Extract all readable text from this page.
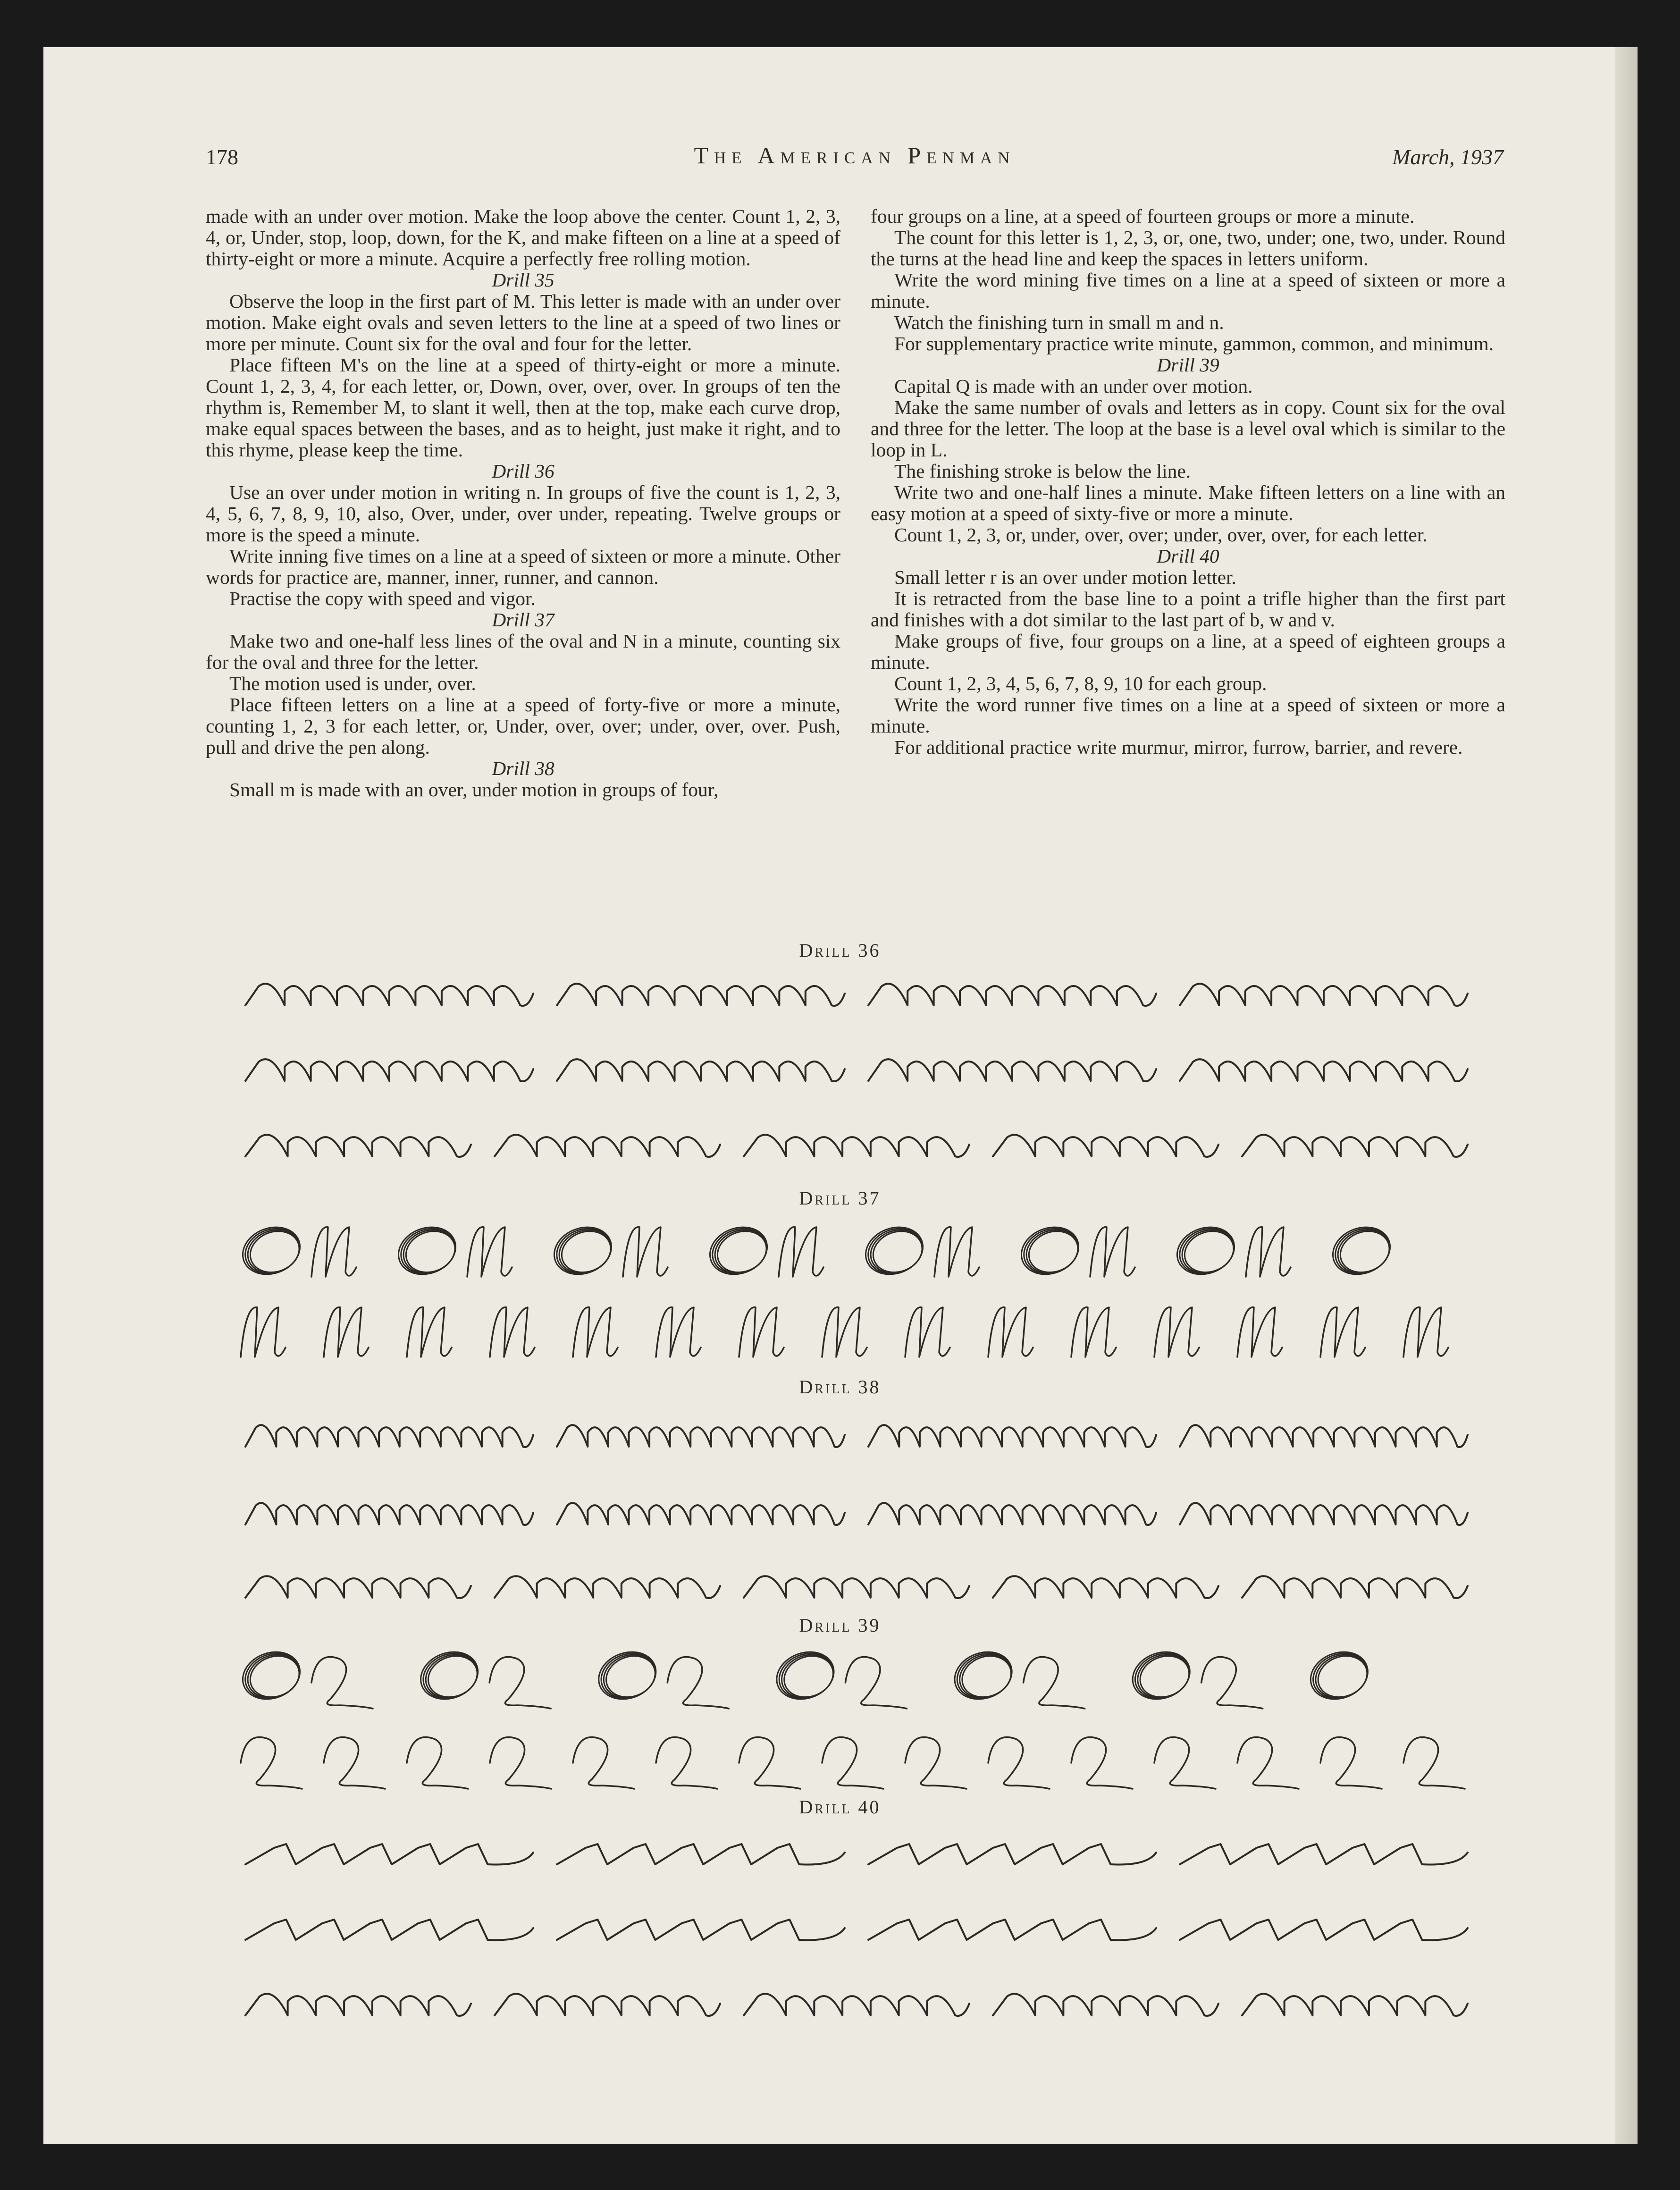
178	The American Penman	March, 1937

made with an under over motion. Make the loop above the center. Count 1, 2, 3, 4, or, Under, stop, loop, down, for the K, and make fifteen on a line at a speed of thirty-eight or more a minute. Acquire a perfectly free rolling motion.

Drill 35

Observe the loop in the first part of M. This letter is made with an under over motion. Make eight ovals and seven letters to the line at a speed of two lines or more per minute. Count six for the oval and four for the letter.

Place fifteen M's on the line at a speed of thirty-eight or more a minute. Count 1, 2, 3, 4, for each letter, or, Down, over, over, over. In groups of ten the rhythm is, Remember M, to slant it well, then at the top, make each curve drop, make equal spaces between the bases, and as to height, just make it right, and to this rhyme, please keep the time.

Drill 36

Use an over under motion in writing n. In groups of five the count is 1, 2, 3, 4, 5, 6, 7, 8, 9, 10, also, Over, under, over under, repeating. Twelve groups or more is the speed a minute.

Write inning five times on a line at a speed of sixteen or more a minute. Other words for practice are, manner, inner, runner, and cannon.

Practise the copy with speed and vigor.

Drill 37

Make two and one-half less lines of the oval and N in a minute, counting six for the oval and three for the letter.

The motion used is under, over.

Place fifteen letters on a line at a speed of forty-five or more a minute, counting 1, 2, 3 for each letter, or, Under, over, over; under, over, over. Push, pull and drive the pen along.

Drill 38

Small m is made with an over, under motion in groups of four,

four groups on a line, at a speed of fourteen groups or more a minute.

The count for this letter is 1, 2, 3, or, one, two, under; one, two, under. Round the turns at the head line and keep the spaces in letters uniform.

Write the word mining five times on a line at a speed of sixteen or more a minute.

Watch the finishing turn in small m and n.

For supplementary practice write minute, gammon, common, and minimum.

Drill 39

Capital Q is made with an under over motion.

Make the same number of ovals and letters as in copy. Count six for the oval and three for the letter. The loop at the base is a level oval which is similar to the loop in L.

The finishing stroke is below the line.

Write two and one-half lines a minute. Make fifteen letters on a line with an easy motion at a speed of sixty-five or more a minute.

Count 1, 2, 3, or, under, over, over; under, over, over, for each letter.

Drill 40

Small letter r is an over under motion letter.

It is retracted from the base line to a point a trifle higher than the first part and finishes with a dot similar to the last part of b, w and v.

Make groups of five, four groups on a line, at a speed of eighteen groups a minute.

Count 1, 2, 3, 4, 5, 6, 7, 8, 9, 10 for each group.

Write the word runner five times on a line at a speed of sixteen or more a minute.

For additional practice write murmur, mirror, furrow, barrier, and revere.

Drill 36
Drill 37
Drill 38
Drill 39
Drill 40
